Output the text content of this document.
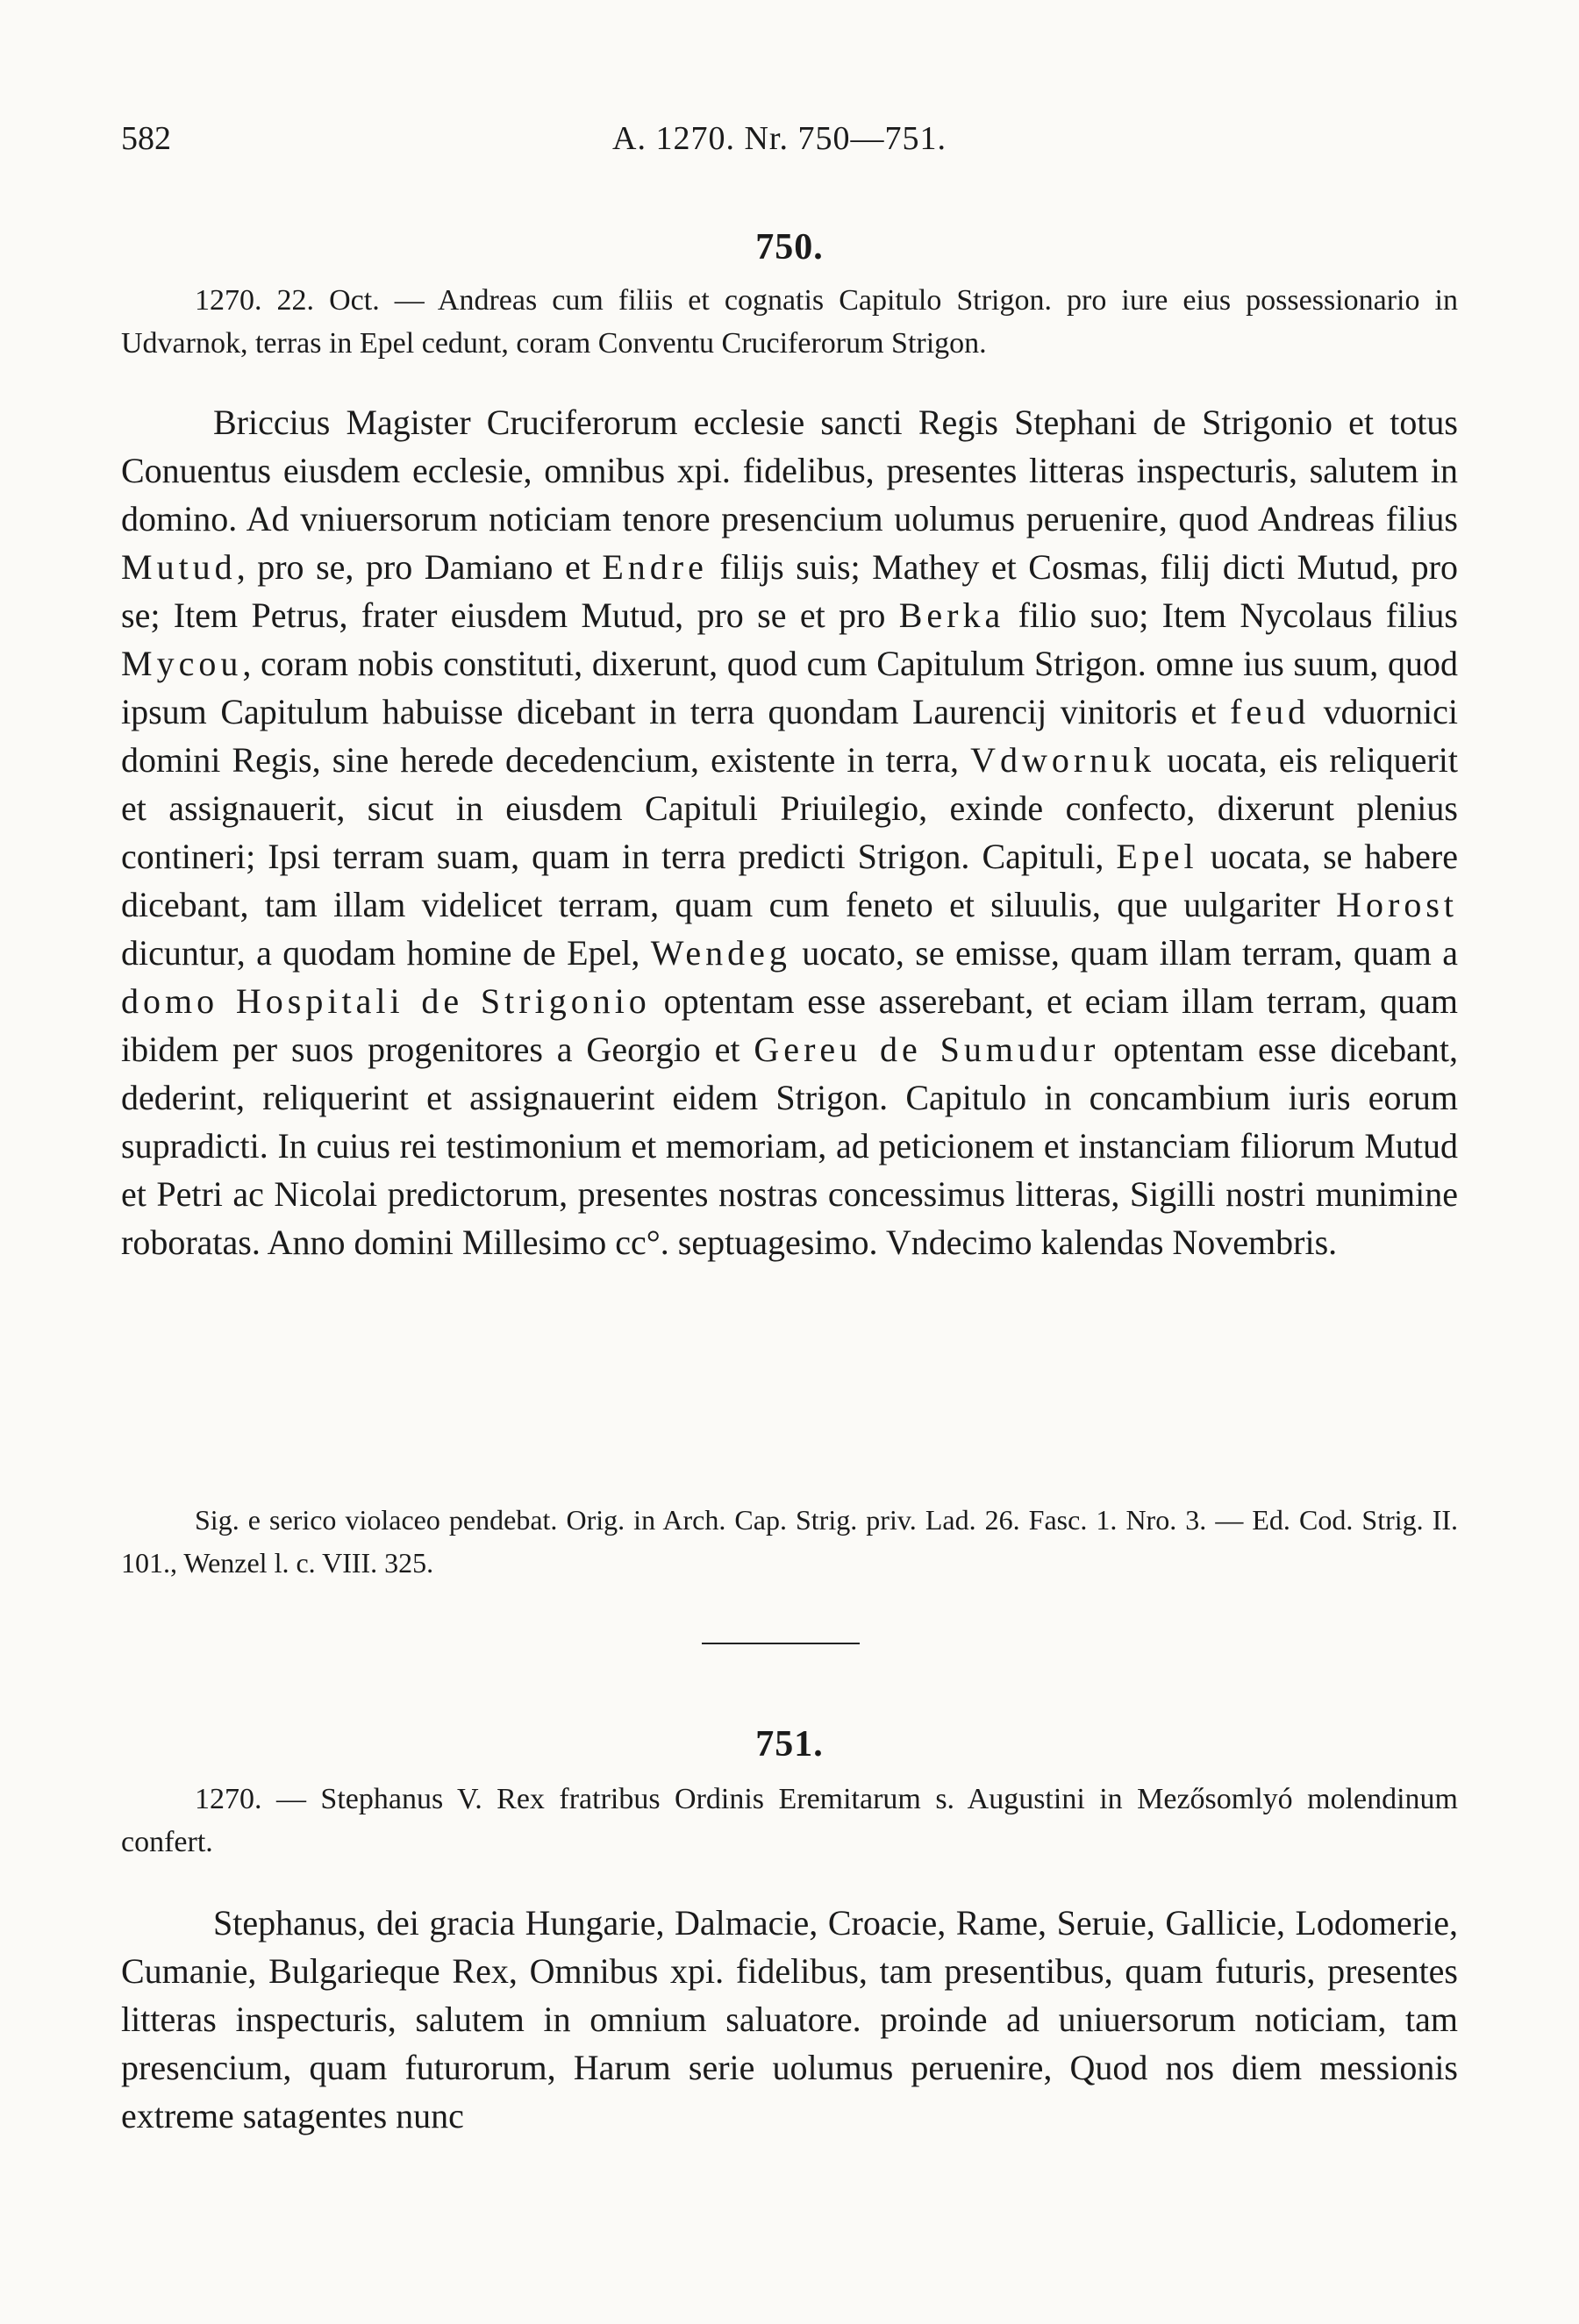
582	A. 1270. Nr. 750—751.
750.
1270. 22. Oct. — Andreas cum filiis et cognatis Capitulo Strigon. pro iure eius possessionario in Udvarnok, terras in Epel cedunt, coram Conventu Cruciferorum Strigon.
Briccius Magister Cruciferorum ecclesie sancti Regis Stephani de Strigonio et totus Conuentus eiusdem ecclesie, omnibus xpi. fidelibus, presentes litteras inspecturis, salutem in domino. Ad vniuersorum noticiam tenore presencium uolumus peruenire, quod Andreas filius Mutud, pro se, pro Damiano et Endre filijs suis; Mathey et Cosmas, filij dicti Mutud, pro se; Item Petrus, frater eiusdem Mutud, pro se et pro Berka filio suo; Item Nycolaus filius Mycou, coram nobis constituti, dixerunt, quod cum Capitulum Strigon. omne ius suum, quod ipsum Capitulum habuisse dicebant in terra quondam Laurencij vinitoris et feud vduornici domini Regis, sine herede decedencium, existente in terra, Vdwornuk uocata, eis reliquerit et assignauerit, sicut in eiusdem Capituli Priuilegio, exinde confecto, dixerunt plenius contineri; Ipsi terram suam, quam in terra predicti Strigon. Capituli, Epel uocata, se habere dicebant, tam illam videlicet terram, quam cum feneto et siluulis, que uulgariter Horost dicuntur, a quodam homine de Epel, Wendeg uocato, se emisse, quam illam terram, quam a domo Hospitali de Strigonio optentam esse asserebant, et eciam illam terram, quam ibidem per suos progenitores a Georgio et Gereu de Sumudur optentam esse dicebant, dederint, reliquerint et assignauerint eidem Strigon. Capitulo in concambium iuris eorum supradicti. In cuius rei testimonium et memoriam, ad peticionem et instanciam filiorum Mutud et Petri ac Nicolai predictorum, presentes nostras concessimus litteras, Sigilli nostri munimine roboratas. Anno domini Millesimo cc°. septuagesimo. Vndecimo kalendas Novembris.
Sig. e serico violaceo pendebat. Orig. in Arch. Cap. Strig. priv. Lad. 26. Fasc. 1. Nro. 3. — Ed. Cod. Strig. II. 101., Wenzel l. c. VIII. 325.
751.
1270. — Stephanus V. Rex fratribus Ordinis Eremitarum s. Augustini in Mezősomlyó molendinum confert.
Stephanus, dei gracia Hungarie, Dalmacie, Croacie, Rame, Seruie, Gallicie, Lodomerie, Cumanie, Bulgarieque Rex, Omnibus xpi. fidelibus, tam presentibus, quam futuris, presentes litteras inspecturis, salutem in omnium saluatore. proinde ad uniuersorum noticiam, tam presencium, quam futurorum, Harum serie uolumus peruenire, Quod nos diem messionis extreme satagentes nunc
